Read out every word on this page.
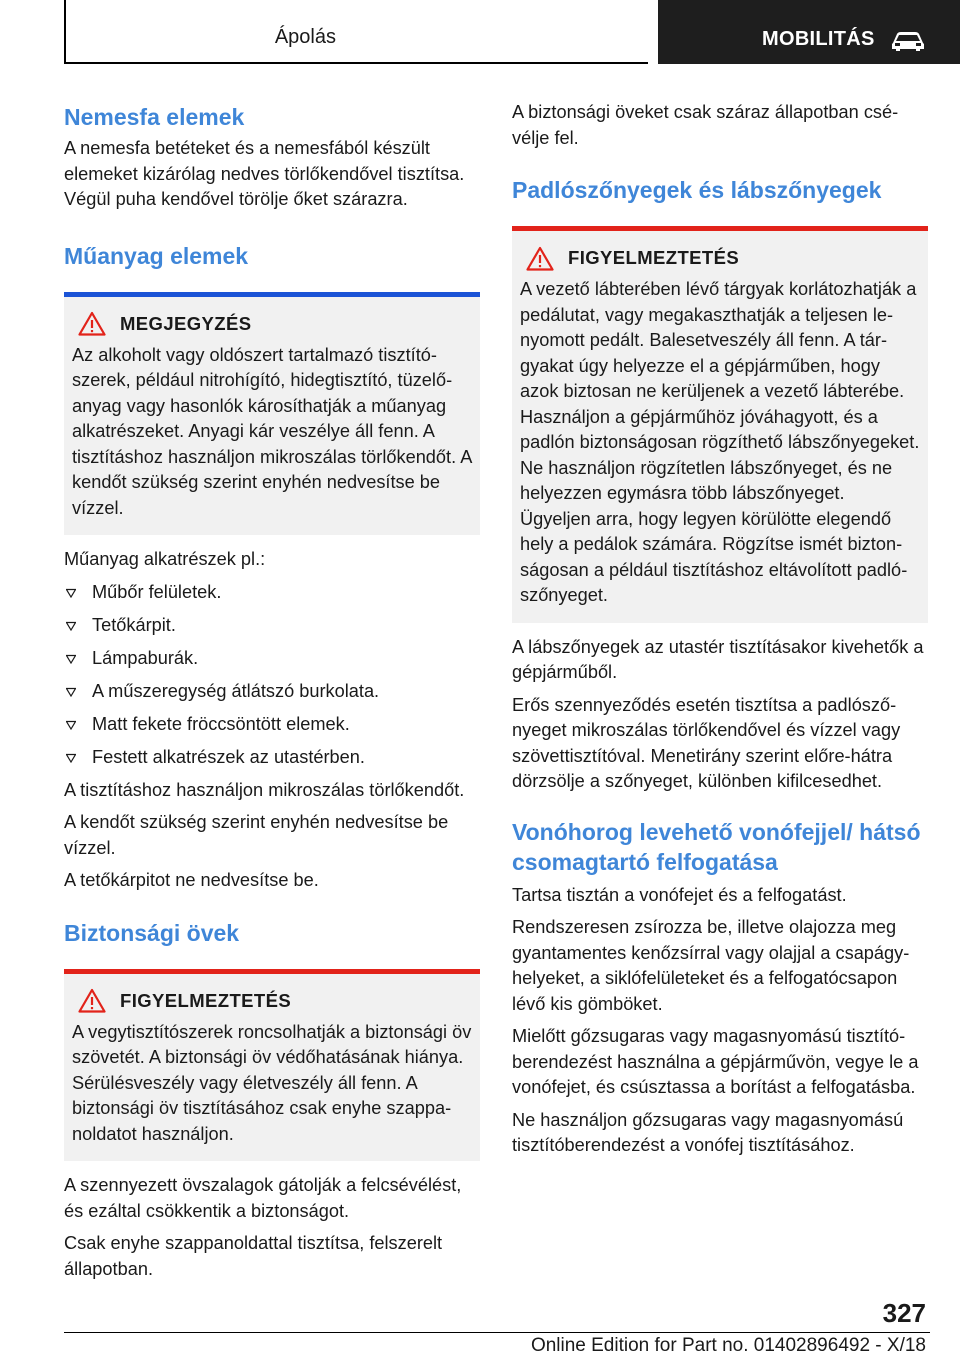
Ápolás	MOBILITÁS
Nemesfa elemek

A nemesfa betéteket és a nemesfából készült elemeket kizárólag nedves törlőkendővel tisztítsa. Végül puha kendővel törölje őket szárazra.

Műanyag elemek
MEGJEGYZÉS

Az alkoholt vagy oldószert tartalmazó tisztítószerek, például nitrohígító, hidegtisztító, tüzelőanyag vagy hasonlók károsíthatják a műanyag alkatrészeket. Anyagi kár veszélye áll fenn. A tisztításhoz használjon mikroszálas törlőkendőt. A kendőt szükség szerint enyhén nedvesítse be vízzel.

Műanyag alkatrészek pl.:

Műbőr felületek.
Tetőkárpit.
Lámpaburák.
A műszeregység átlátszó burkolata.
Matt fekete fröccsöntött elemek.
Festett alkatrészek az utastérben.

A tisztításhoz használjon mikroszálas törlőkendőt.

A kendőt szükség szerint enyhén nedvesítse be vízzel.

A tetőkárpitot ne nedvesítse be.

Biztonsági övek
FIGYELMEZTETÉS

A vegytisztítószerek roncsolhatják a biztonsági öv szövetét. A biztonsági öv védőhatásának hiánya. Sérülésveszély vagy életveszély áll fenn. A biztonsági öv tisztításához csak enyhe szappanoldatot használjon.

A szennyezett övszalagok gátolják a felcsévélést, és ezáltal csökkentik a biztonságot.

Csak enyhe szappanoldattal tisztítsa, felszerelt állapotban.

A biztonsági öveket csak száraz állapotban csévélje fel.

Padlószőnyegek és lábszőnyegek
FIGYELMEZTETÉS

A vezető lábterében lévő tárgyak korlátozhatják a pedálutat, vagy megakaszthatják a teljesen lenyomott pedált. Balesetveszély áll fenn. A tárgyakat úgy helyezze el a gépjárműben, hogy azok biztosan ne kerüljenek a vezető lábterébe. Használjon a gépjárműhöz jóváhagyott, és a padlón biztonságosan rögzíthető lábszőnyegeket. Ne használjon rögzítetlen lábszőnyeget, és ne helyezzen egymásra több lábszőnyeget. Ügyeljen arra, hogy legyen körülötte elegendő hely a pedálok számára. Rögzítse ismét biztonságosan a például tisztításhoz eltávolított padlószőnyeget.

A lábszőnyegek az utastér tisztításakor kivehetők a gépjárműből.

Erős szennyeződés esetén tisztítsa a padlószőnyeget mikroszálas törlőkendővel és vízzel vagy szövettisztítóval. Menetirány szerint előre-hátra dörzsölje a szőnyeget, különben kifilcesedhet.

Vonóhorog levehető vonófejjel/ hátsó csomagtartó felfogatása

Tartsa tisztán a vonófejet és a felfogatást.

Rendszeresen zsírozza be, illetve olajozza meg gyantamentes kenőzsírral vagy olajjal a csapágyhelyeket, a siklófelületeket és a felfogatócsapon lévő kis gömböket.

Mielőtt gőzsugaras vagy magasnyomású tisztítóberendezést használna a gépjárművön, vegye le a vonófejet, és csúsztassa a borítást a felfogatásba.

Ne használjon gőzsugaras vagy magasnyomású tisztítóberendezést a vonófej tisztításához.

327
Online Edition for Part no. 01402896492 - X/18
